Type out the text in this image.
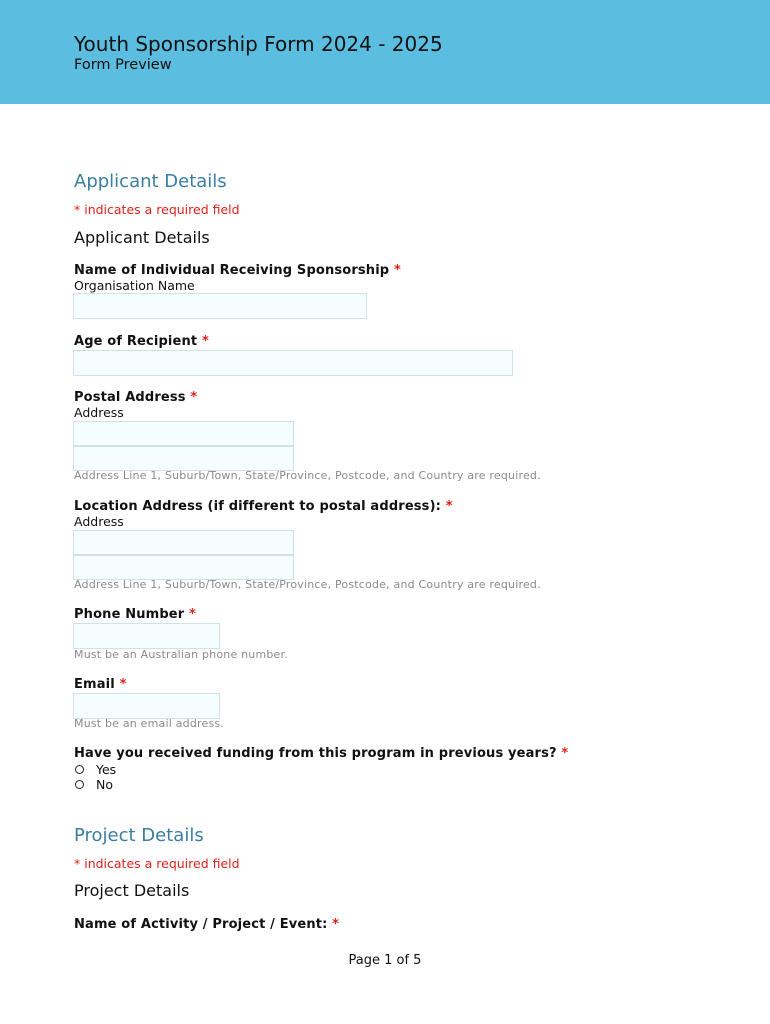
Youth Sponsorship Form 2024 - 2025
Form Preview
Applicant Details
* indicates a required field
Applicant Details
Name of Individual Receiving Sponsorship *
Organisation Name
Age of Recipient *
Postal Address *
Address
Address Line 1, Suburb/Town, State/Province, Postcode, and Country are required.
Location Address (if different to postal address): *
Address
Address Line 1, Suburb/Town, State/Province, Postcode, and Country are required.
Phone Number *
Must be an Australian phone number.
Email *
Must be an email address.
Have you received funding from this program in previous years? *
Yes
No
Project Details
* indicates a required field
Project Details
Name of Activity / Project / Event: *
Page 1 of 5
